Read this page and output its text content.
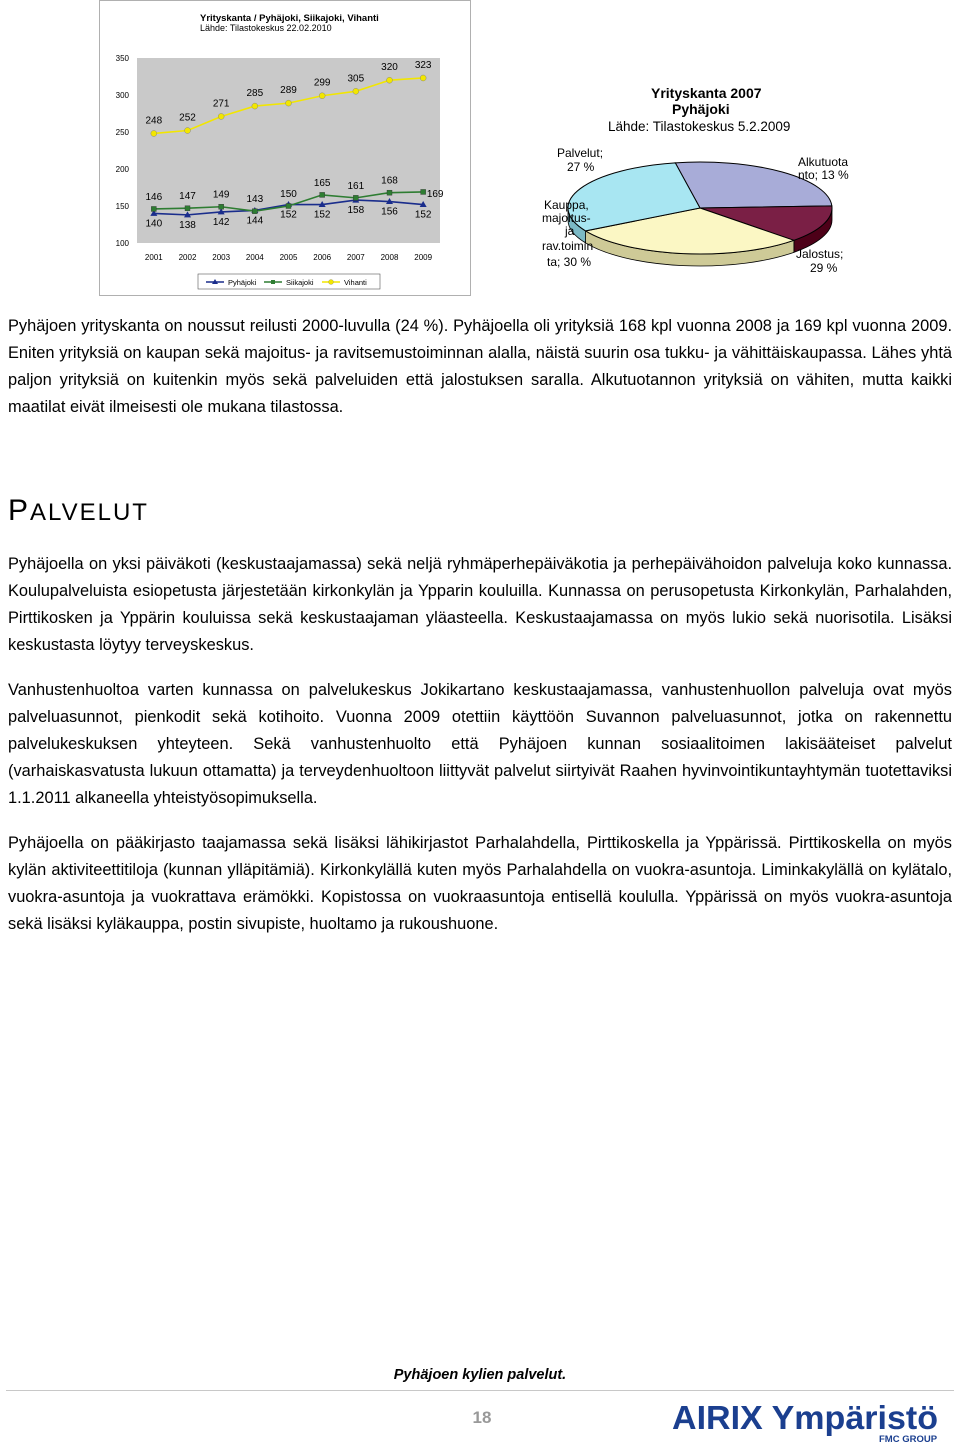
Yrityskanta / Pyhäjoki, Siikajoki, Vihanti
Lähde: Tilastokeskus 22.02.2010
100
150
200
250
300
350
2001 2002 2003 2004 2005 2006 2007 2008 2009
140 138 142 144
152 152 158 156 152
146 147 149 143 150
165 161 168
169
248 252
271
285 289
299 305
320 323
Pyhäjoki	Siikajoki	Vihanti
Yrityskanta 2007
Pyhäjoki
Lähde: Tilastokeskus 5.2.2009
Palvelut; 27 %	Alkutuota nto; 13 %
Kauppa, majoitus- ja rav.toimin ta; 30 %
Jalostus; 29 %

Pyhäjoen yrityskanta on noussut reilusti 2000-luvulla (24 %). Pyhäjoella oli yrityksiä 168 kpl vuonna 2008 ja 169 kpl vuonna 2009. Eniten yrityksiä on kaupan sekä majoitus- ja ravitsemustoiminnan alalla, näistä suurin osa tukku- ja vähittäiskaupassa. Lähes yhtä paljon yrityksiä on kuitenkin myös sekä palveluiden että jalostuksen saralla. Alkutuotannon yrityksiä on vähiten, mutta kaikki maatilat eivät ilmeisesti ole mukana tilastossa.

PALVELUT

Pyhäjoella on yksi päiväkoti (keskustaajamassa) sekä neljä ryhmäperhepäiväkotia ja perhepäivähoidon palveluja koko kunnassa. Koulupalveluista esiopetusta järjestetään kirkonkylän ja Ypparin kouluilla. Kunnassa on perusopetusta Kirkonkylän, Parhalahden, Pirttikosken ja Yppärin kouluissa sekä keskustaajaman yläasteella. Keskustaajamassa on myös lukio sekä nuorisotila. Lisäksi keskustasta löytyy terveyskeskus.

Vanhustenhuoltoa varten kunnassa on palvelukeskus Jokikartano keskustaajamassa, vanhustenhuollon palveluja ovat myös palveluasunnot, pienkodit sekä kotihoito. Vuonna 2009 otettiin käyttöön Suvannon palveluasunnot, jotka on rakennettu palvelukeskuksen yhteyteen. Sekä vanhustenhuolto että Pyhäjoen kunnan sosiaalitoimen lakisääteiset palvelut (varhaiskasvatusta lukuun ottamatta) ja terveydenhuoltoon liittyvät palvelut siirtyivät Raahen hyvinvointikuntayhtymän tuotettaviksi 1.1.2011 alkaneella yhteistyösopimuksella.

Pyhäjoella on pääkirjasto taajamassa sekä lisäksi lähikirjastot Parhalahdella, Pirttikoskella ja Yppärissä. Pirttikoskella on myös kylän aktiviteettitiloja (kunnan ylläpitämiä). Kirkonkylällä kuten myös Parhalahdella on vuokra-asuntoja. Liminkakylällä on kylätalo, vuokra-asuntoja ja vuokrattava erämökki. Kopistossa on vuokraasuntoja entisellä koululla. Yppärissä on myös vuokra-asuntoja sekä lisäksi kyläkauppa, postin sivupiste, huoltamo ja rukoushuone.

Pyhäjoen kylien palvelut.
18	AIRIX Ympäristö
FMC GROUP
